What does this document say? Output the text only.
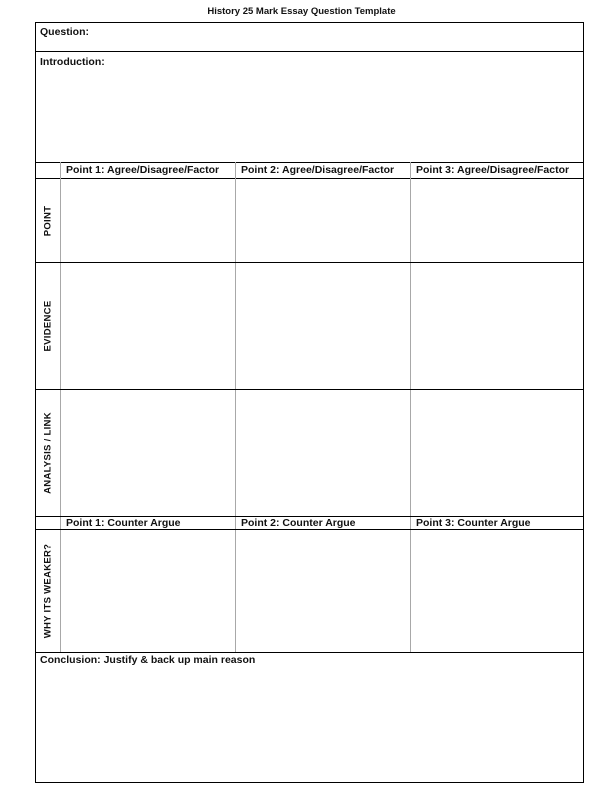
History 25 Mark Essay Question Template
Question:
Introduction:
Point 1: Agree/Disagree/Factor Point 2: Agree/Disagree/Factor Point 3: Agree/Disagree/Factor
POINT
EVIDENCE
ANALYSIS / LINK
Point 1: Counter Argue	Point 2: Counter Argue	Point 3: Counter Argue
WHY ITS WEAKER?
Conclusion: Justify & back up main reason
